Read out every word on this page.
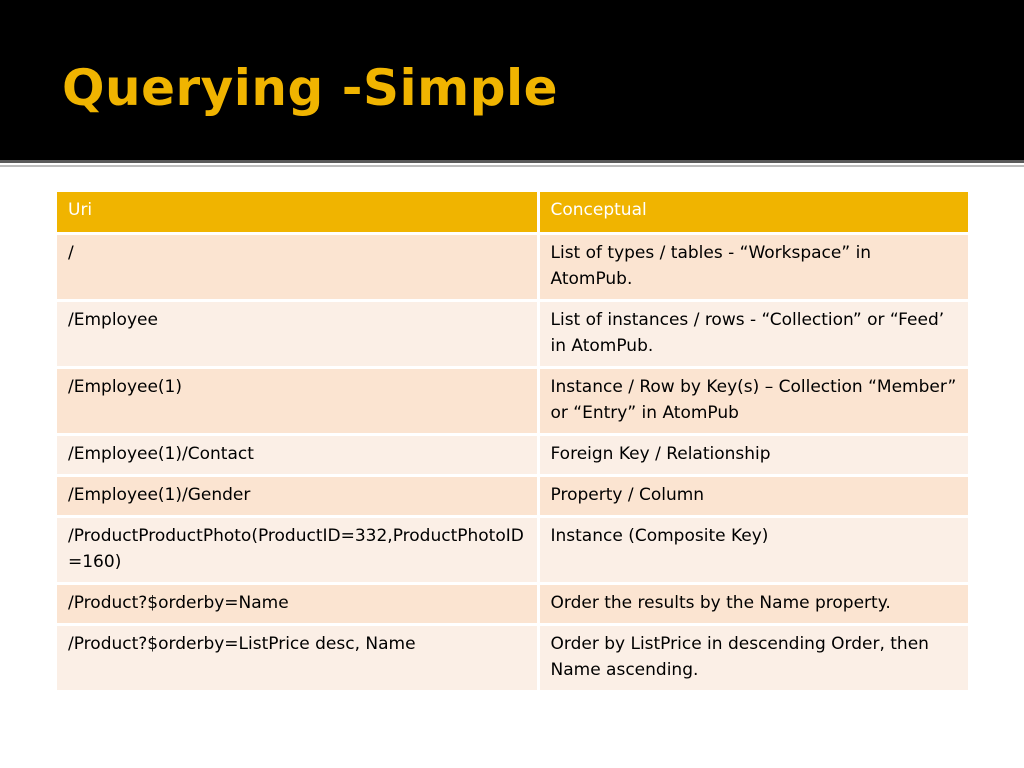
Querying -Simple
Uri	Conceptual
/	List of types / tables - “Workspace” in AtomPub.
/Employee	List of instances / rows - “Collection” or “Feed’ in AtomPub.
/Employee(1)	Instance / Row by Key(s) – Collection “Member” or “Entry” in AtomPub
/Employee(1)/Contact	Foreign Key / Relationship
/Employee(1)/Gender	Property / Column
/ProductProductPhoto(ProductID=332,ProductPhotoID=160)	Instance (Composite Key)
/Product?$orderby=Name	Order the results by the Name property.
/Product?$orderby=ListPrice desc, Name	Order by ListPrice in descending Order, then Name ascending.
